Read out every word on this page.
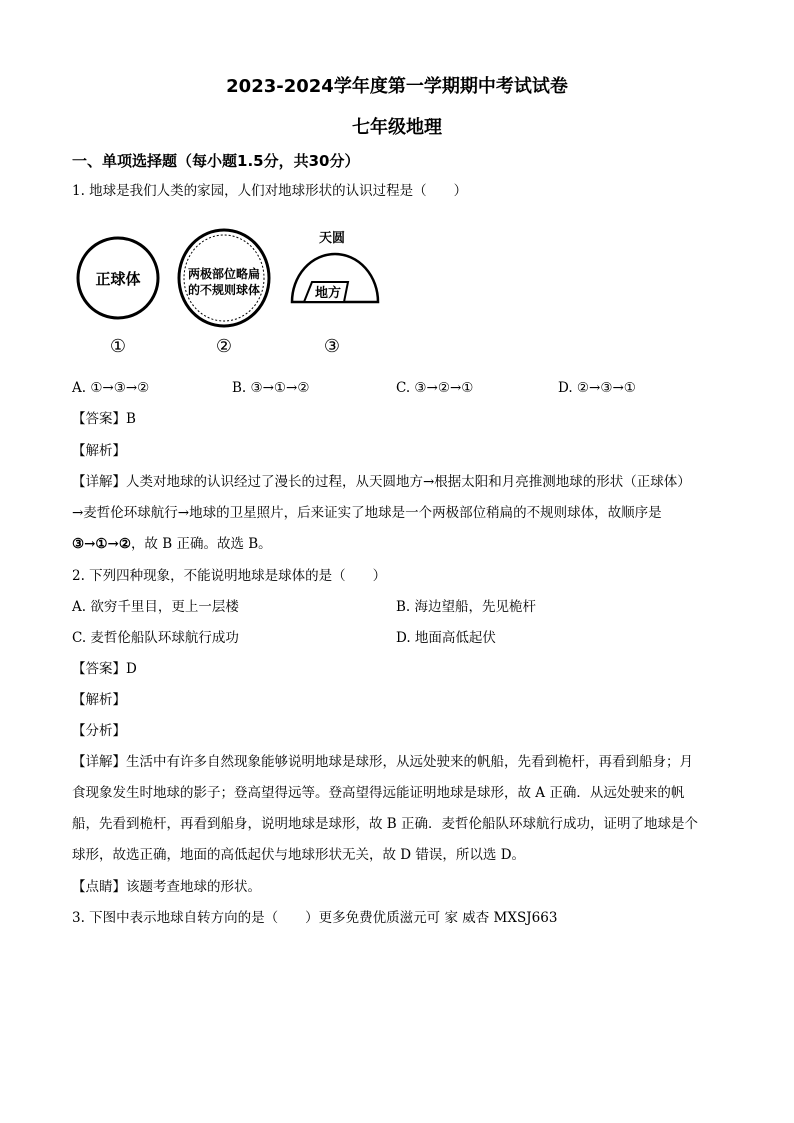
2023-2024学年度第一学期期中考试试卷
七年级地理
一、单项选择题（每小题1.5分，共30分）
1. 地球是我们人类的家园，人们对地球形状的认识过程是（　　）
正球体	两极部位略扁
的不规则球体
天圆
地方
①	②	③
A. ①→③→②	B. ③→①→②	C. ③→②→①	D. ②→③→①
【答案】B
【解析】
【详解】人类对地球的认识经过了漫长的过程，从天圆地方→根据太阳和月亮推测地球的形状（正球体）
→麦哲伦环球航行→地球的卫星照片，后来证实了地球是一个两极部位稍扁的不规则球体，故顺序是
③→①→②，故 B 正确。故选 B。
2. 下列四种现象，不能说明地球是球体的是（　　）
A. 欲穷千里目，更上一层楼	B. 海边望船，先见桅杆
C. 麦哲伦船队环球航行成功	D. 地面高低起伏
【答案】D
【解析】
【分析】
【详解】生活中有许多自然现象能够说明地球是球形，从远处驶来的帆船，先看到桅杆，再看到船身；月
食现象发生时地球的影子；登高望得远等。登高望得远能证明地球是球形，故 A 正确．从远处驶来的帆
船，先看到桅杆，再看到船身，说明地球是球形，故 B 正确．麦哲伦船队环球航行成功，证明了地球是个
球形，故选正确，地面的高低起伏与地球形状无关，故 D 错误，所以选 D。
【点睛】该题考查地球的形状。
3. 下图中表示地球自转方向的是（　　）更多免费优质滋元可 家 威杏 MXSJ663
